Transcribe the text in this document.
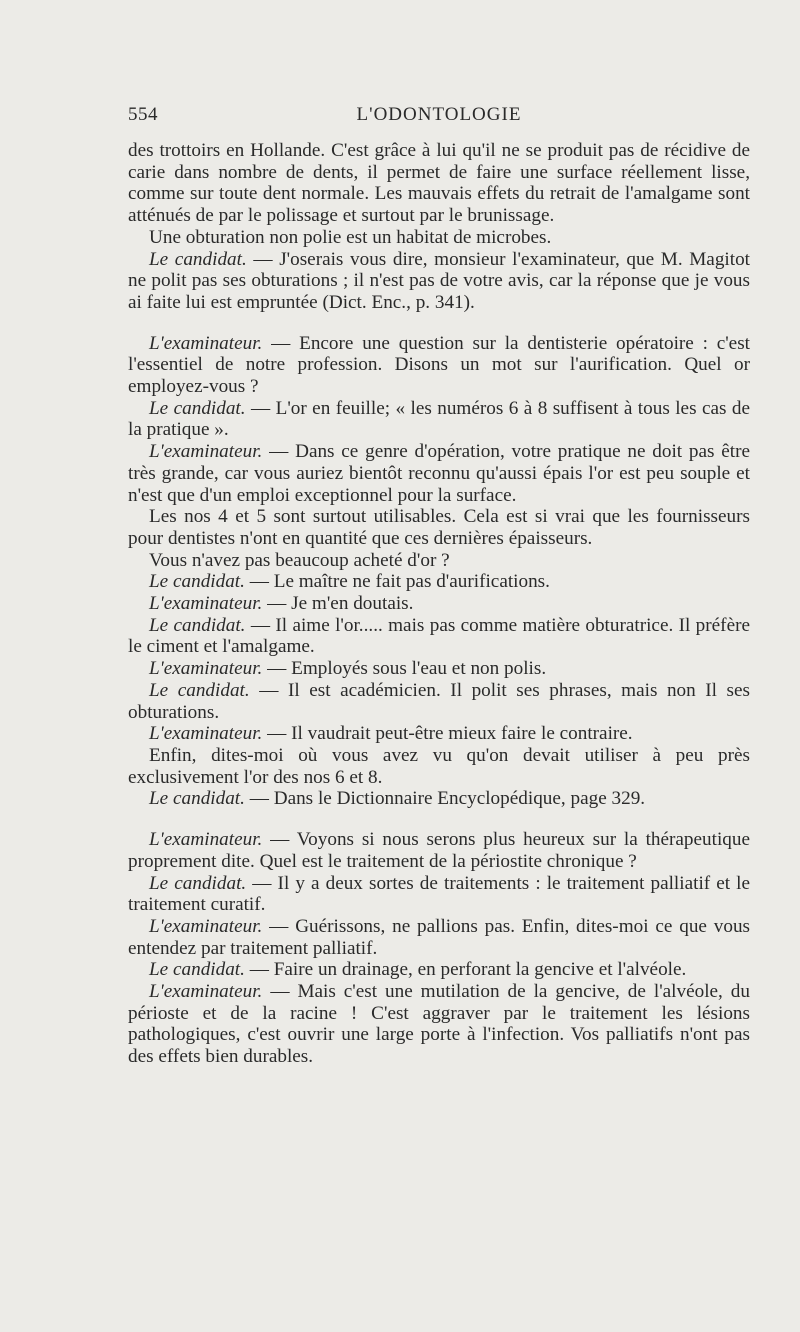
554	L'ODONTOLOGIE

des trottoirs en Hollande. C'est grâce à lui qu'il ne se produit pas de récidive de carie dans nombre de dents, il permet de faire une surface réellement lisse, comme sur toute dent normale. Les mauvais effets du retrait de l'amalgame sont atténués de par le polissage et surtout par le brunissage.

Une obturation non polie est un habitat de microbes.

Le candidat. — J'oserais vous dire, monsieur l'examinateur, que M. Magitot ne polit pas ses obturations ; il n'est pas de votre avis, car la réponse que je vous ai faite lui est empruntée (Dict. Enc., p. 341).

L'examinateur. — Encore une question sur la dentisterie opératoire : c'est l'essentiel de notre profession. Disons un mot sur l'aurification. Quel or employez-vous ?

Le candidat. — L'or en feuille; « les numéros 6 à 8 suffisent à tous les cas de la pratique ».

L'examinateur. — Dans ce genre d'opération, votre pratique ne doit pas être très grande, car vous auriez bientôt reconnu qu'aussi épais l'or est peu souple et n'est que d'un emploi exceptionnel pour la surface.

Les nos 4 et 5 sont surtout utilisables. Cela est si vrai que les fournisseurs pour dentistes n'ont en quantité que ces dernières épaisseurs.

Vous n'avez pas beaucoup acheté d'or ?

Le candidat. — Le maître ne fait pas d'aurifications.

L'examinateur. — Je m'en doutais.

Le candidat. — Il aime l'or..... mais pas comme matière obturatrice. Il préfère le ciment et l'amalgame.

L'examinateur. — Employés sous l'eau et non polis.

Le candidat. — Il est académicien. Il polit ses phrases, mais non Il ses obturations.

L'examinateur. — Il vaudrait peut-être mieux faire le contraire.

Enfin, dites-moi où vous avez vu qu'on devait utiliser à peu près exclusivement l'or des nos 6 et 8.

Le candidat. — Dans le Dictionnaire Encyclopédique, page 329.

L'examinateur. — Voyons si nous serons plus heureux sur la thérapeutique proprement dite. Quel est le traitement de la périostite chronique ?

Le candidat. — Il y a deux sortes de traitements : le traitement palliatif et le traitement curatif.

L'examinateur. — Guérissons, ne pallions pas. Enfin, dites-moi ce que vous entendez par traitement palliatif.

Le candidat. — Faire un drainage, en perforant la gencive et l'alvéole.

L'examinateur. — Mais c'est une mutilation de la gencive, de l'alvéole, du périoste et de la racine ! C'est aggraver par le traitement les lésions pathologiques, c'est ouvrir une large porte à l'infection. Vos palliatifs n'ont pas des effets bien durables.
